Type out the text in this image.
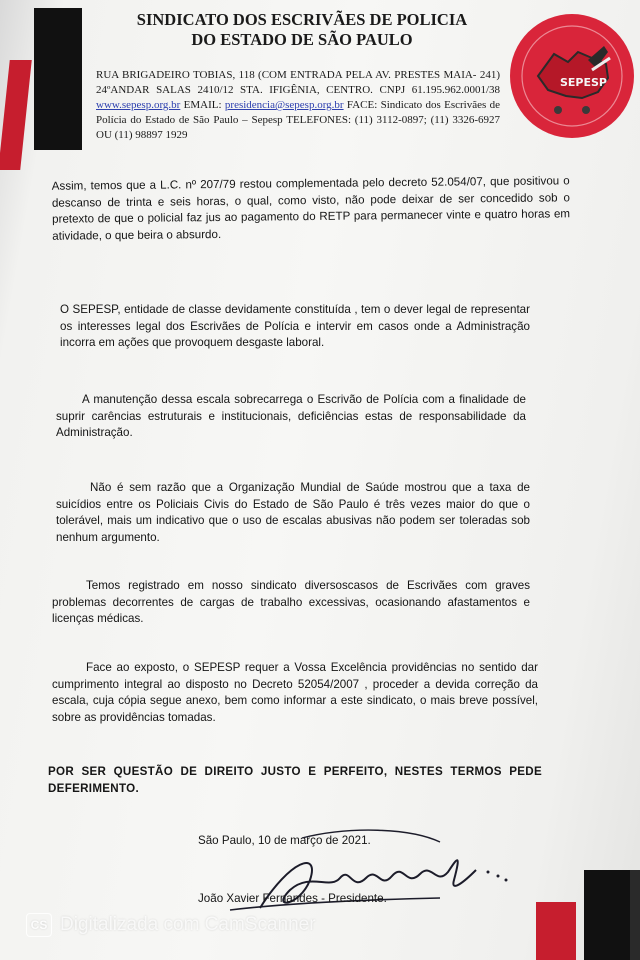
SINDICATO DOS ESCRIVÃES DE POLICIA
DO ESTADO DE SÃO PAULO

RUA BRIGADEIRO TOBIAS, 118 (COM ENTRADA PELA AV. PRESTES MAIA- 241) 24ºANDAR SALAS 2410/12 STA. IFIGÊNIA, CENTRO. CNPJ 61.195.962.0001/38 www.sepesp.org.br EMAIL: presidencia@sepesp.org.br FACE: Sindicato dos Escrivães de Polícia do Estado de São Paulo – Sepesp TELEFONES: (11) 3112-0897; (11) 3326-6927 OU (11) 98897 1929

SEPESP

Assim, temos que a L.C. nº 207/79 restou complementada pelo decreto 52.054/07, que positivou o descanso de trinta e seis horas, o qual, como visto, não pode deixar de ser concedido sob o pretexto de que o policial faz jus ao pagamento do RETP para permanecer vinte e quatro horas em atividade, o que beira o absurdo.

O SEPESP, entidade de classe devidamente constituída , tem o dever legal de representar os interesses legal dos Escrivães de Polícia e intervir em casos onde a Administração incorra em ações que provoquem desgaste laboral.

A manutenção dessa escala sobrecarrega o Escrivão de Polícia com a finalidade de suprir carências estruturais e institucionais, deficiências estas de responsabilidade da Administração.

Não é sem razão que a Organização Mundial de Saúde mostrou que a taxa de suicídios entre os Policiais Civis do Estado de São Paulo é três vezes maior do que o tolerável, mais um indicativo que o uso de escalas abusivas não podem ser toleradas sob nenhum argumento.

Temos registrado em nosso sindicato diversoscasos de Escrivães com graves problemas decorrentes de cargas de trabalho excessivas, ocasionando afastamentos e licenças médicas.

Face ao exposto, o SEPESP requer a Vossa Excelência providências no sentido dar cumprimento integral ao disposto no Decreto 52054/2007 , proceder a devida correção da escala, cuja cópia segue anexo, bem como informar a este sindicato, o mais breve possível, sobre as providências tomadas.

POR SER QUESTÃO DE DIREITO JUSTO E PERFEITO, NESTES TERMOS PEDE DEFERIMENTO.

São Paulo, 10 de março de 2021.

João Xavier Fernandes - Presidente.

CS Digitalizada com CamScanner
